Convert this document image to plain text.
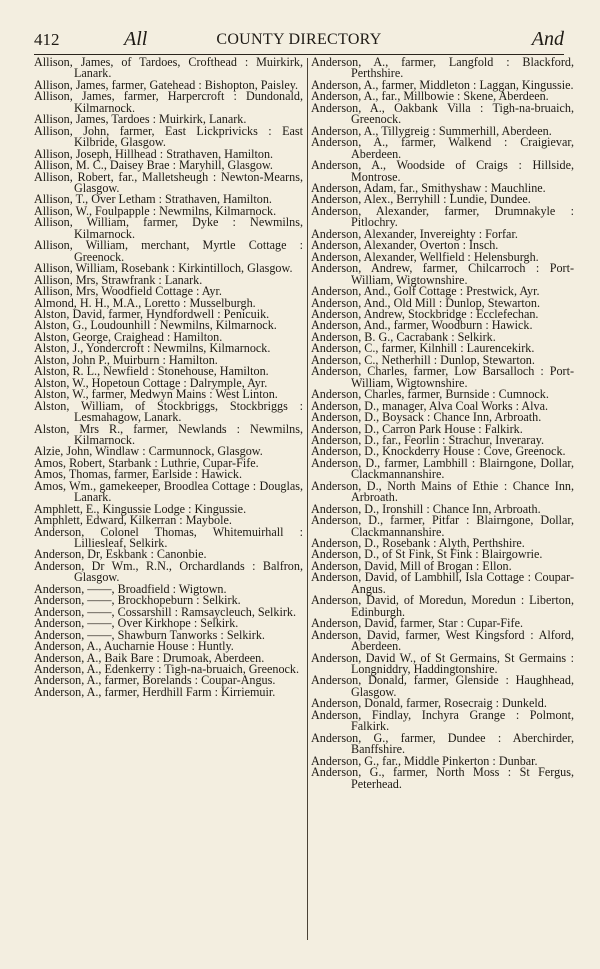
412	All	COUNTY DIRECTORY	And
Allison, James, of Tardoes, Crofthead : Muirkirk, Lanark.
Allison, James, farmer, Gatehead : Bishopton, Paisley.
Allison, James, farmer, Harpercroft : Dundonald, Kilmarnock.
Allison, James, Tardoes : Muirkirk, Lanark.
Allison, John, farmer, East Lickprivicks : East Kilbride, Glasgow.
Allison, Joseph, Hillhead : Strathaven, Hamilton.
Allison, M. C., Daisey Brae : Maryhill, Glasgow.
Allison, Robert, far., Malletsheugh : Newton-Mearns, Glasgow.
Allison, T., Over Letham : Strathaven, Hamilton.
Allison, W., Foulpapple : Newmilns, Kilmarnock.
Allison, William, farmer, Dyke : Newmilns, Kilmarnock.
Allison, William, merchant, Myrtle Cottage : Greenock.
Allison, William, Rosebank : Kirkintilloch, Glasgow.
Allison, Mrs, Strawfrank : Lanark.
Allison, Mrs, Woodfield Cottage : Ayr.
Almond, H. H., M.A., Loretto : Musselburgh.
Alston, David, farmer, Hyndfordwell : Penicuik.
Alston, G., Loudounhill : Newmilns, Kilmarnock.
Alston, George, Craighead : Hamilton.
Alston, J., Yondercroft : Newmilns, Kilmarnock.
Alston, John P., Muirburn : Hamilton.
Alston, R. L., Newfield : Stonehouse, Hamilton.
Alston, W., Hopetoun Cottage : Dalrymple, Ayr.
Alston, W., farmer, Medwyn Mains : West Linton.
Alston, William, of Stockbriggs, Stockbriggs : Lesmahagow, Lanark.
Alston, Mrs R., farmer, Newlands : Newmilns, Kilmarnock.
Alzie, John, Windlaw : Carmunnock, Glasgow.
Amos, Robert, Starbank : Luthrie, Cupar-Fife.
Amos, Thomas, farmer, Earlside : Hawick.
Amos, Wm., gamekeeper, Broodlea Cottage : Douglas, Lanark.
Amphlett, E., Kingussie Lodge : Kingussie.
Amphlett, Edward, Kilkerran : Maybole.
Anderson, Colonel Thomas, Whitemuirhall : Lilliesleaf, Selkirk.
Anderson, Dr, Eskbank : Canonbie.
Anderson, Dr Wm., R.N., Orchardlands : Balfron, Glasgow.
Anderson, ——, Broadfield : Wigtown.
Anderson, ——, Brockhopeburn : Selkirk.
Anderson, ——, Cossarshill : Ramsaycleuch, Selkirk.
Anderson, ——, Over Kirkhope : Selkirk.
Anderson, ——, Shawburn Tanworks : Selkirk.
Anderson, A., Aucharnie House : Huntly.
Anderson, A., Baik Bare : Drumoak, Aberdeen.
Anderson, A., Edenkerry : Tigh-na-bruaich, Greenock.
Anderson, A., farmer, Borelands : Coupar-Angus.
Anderson, A., farmer, Herdhill Farm : Kirriemuir.
Anderson, A., farmer, Langfold : Blackford, Perthshire.
Anderson, A., farmer, Middleton : Laggan, Kingussie.
Anderson, A., far., Millbowie : Skene, Aberdeen.
Anderson, A., Oakbank Villa : Tigh-na-bruaich, Greenock.
Anderson, A., Tillygreig : Summerhill, Aberdeen.
Anderson, A., farmer, Walkend : Craigievar, Aberdeen.
Anderson, A., Woodside of Craigs : Hillside, Montrose.
Anderson, Adam, far., Smithyshaw : Mauchline.
Anderson, Alex., Berryhill : Lundie, Dundee.
Anderson, Alexander, farmer, Drumnakyle : Pitlochry.
Anderson, Alexander, Invereighty : Forfar.
Anderson, Alexander, Overton : Insch.
Anderson, Alexander, Wellfield : Helensburgh.
Anderson, Andrew, farmer, Chilcarroch : Port-William, Wigtownshire.
Anderson, And., Golf Cottage : Prestwick, Ayr.
Anderson, And., Old Mill : Dunlop, Stewarton.
Anderson, Andrew, Stockbridge : Ecclefechan.
Anderson, And., farmer, Woodburn : Hawick.
Anderson, B. G., Cacrabank : Selkirk.
Anderson, C., farmer, Kilnhill : Laurencekirk.
Anderson, C., Netherhill : Dunlop, Stewarton.
Anderson, Charles, farmer, Low Barsalloch : Port-William, Wigtownshire.
Anderson, Charles, farmer, Burnside : Cumnock.
Anderson, D., manager, Alva Coal Works : Alva.
Anderson, D., Boysack : Chance Inn, Arbroath.
Anderson, D., Carron Park House : Falkirk.
Anderson, D., far., Feorlin : Strachur, Inveraray.
Anderson, D., Knockderry House : Cove, Greenock.
Anderson, D., farmer, Lambhill : Blairngone, Dollar, Clackmannanshire.
Anderson, D., North Mains of Ethie : Chance Inn, Arbroath.
Anderson, D., Ironshill : Chance Inn, Arbroath.
Anderson, D., farmer, Pitfar : Blairngone, Dollar, Clackmannanshire.
Anderson, D., Rosebank : Alyth, Perthshire.
Anderson, D., of St Fink, St Fink : Blairgowrie.
Anderson, David, Mill of Brogan : Ellon.
Anderson, David, of Lambhill, Isla Cottage : Coupar-Angus.
Anderson, David, of Moredun, Moredun : Liberton, Edinburgh.
Anderson, David, farmer, Star : Cupar-Fife.
Anderson, David, farmer, West Kingsford : Alford, Aberdeen.
Anderson, David W., of St Germains, St Germains : Longniddry, Haddingtonshire.
Anderson, Donald, farmer, Glenside : Haughhead, Glasgow.
Anderson, Donald, farmer, Rosecraig : Dunkeld.
Anderson, Findlay, Inchyra Grange : Polmont, Falkirk.
Anderson, G., farmer, Dundee : Aberchirder, Banffshire.
Anderson, G., far., Middle Pinkerton : Dunbar.
Anderson, G., farmer, North Moss : St Fergus, Peterhead.
